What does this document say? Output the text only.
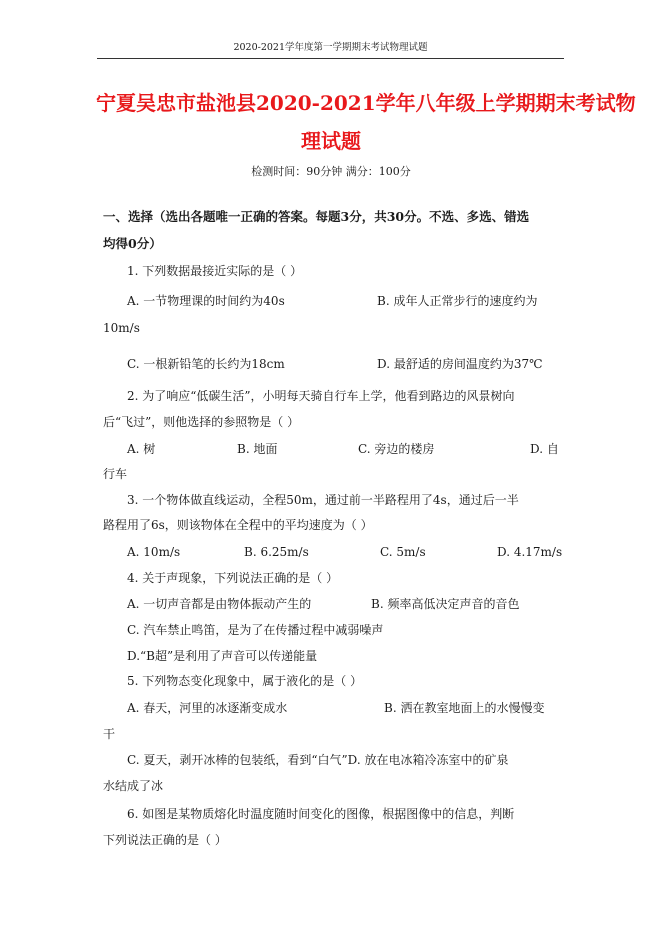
2020-2021学年度第一学期期末考试物理试题
宁夏吴忠市盐池县2020-2021学年八年级上学期期末考试物
理试题
检测时间：90分钟 满分：100分
一、选择（选出各题唯一正确的答案。每题3分，共30分。不选、多选、错选
均得0分）
1. 下列数据最接近实际的是（ ）
A. 一节物理课的时间约为40s	B. 成年人正常步行的速度约为
10m/s
C. 一根新铅笔的长约为18cm	D. 最舒适的房间温度约为37℃
2. 为了响应“低碳生活”，小明每天骑自行车上学，他看到路边的风景树向
后“飞过”，则他选择的参照物是（ ）
A. 树	B. 地面	C. 旁边的楼房	D. 自
行车
3. 一个物体做直线运动，全程50m，通过前一半路程用了4s，通过后一半
路程用了6s，则该物体在全程中的平均速度为（ ）
A. 10m/s	B. 6.25m/s	C. 5m/s	D. 4.17m/s
4. 关于声现象，下列说法正确的是（ ）
A. 一切声音都是由物体振动产生的	B. 频率高低决定声音的音色
C. 汽车禁止鸣笛，是为了在传播过程中减弱噪声
D.“B超”是利用了声音可以传递能量
5. 下列物态变化现象中，属于液化的是（ ）
A. 春天，河里的冰逐渐变成水	B. 洒在教室地面上的水慢慢变
干
C. 夏天，剥开冰棒的包装纸，看到“白气”D. 放在电冰箱冷冻室中的矿泉
水结成了冰
6. 如图是某物质熔化时温度随时间变化的图像，根据图像中的信息，判断
下列说法正确的是（ ）
